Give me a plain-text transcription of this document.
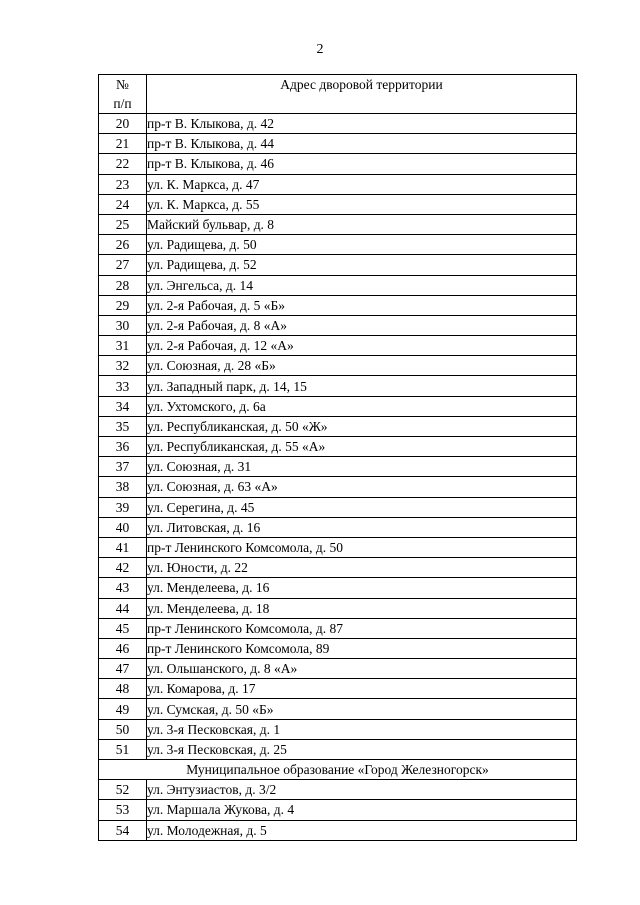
2
№
п/п	Адрес дворовой территории
20	пр-т В. Клыкова, д. 42
21	пр-т В. Клыкова, д. 44
22	пр-т В. Клыкова, д. 46
23	ул. К. Маркса, д. 47
24	ул. К. Маркса, д. 55
25	Майский бульвар, д. 8
26	ул. Радищева, д. 50
27	ул. Радищева, д. 52
28	ул. Энгельса, д. 14
29	ул. 2-я Рабочая, д. 5 «Б»
30	ул. 2-я Рабочая, д. 8 «А»
31	ул. 2-я Рабочая, д. 12 «А»
32	ул. Союзная, д. 28 «Б»
33	ул. Западный парк, д. 14, 15
34	ул. Ухтомского, д. 6а
35	ул. Республиканская, д. 50 «Ж»
36	ул. Республиканская, д. 55 «А»
37	ул. Союзная, д. 31
38	ул. Союзная, д. 63 «А»
39	ул. Серегина, д. 45
40	ул. Литовская, д. 16
41	пр-т Ленинского Комсомола, д. 50
42	ул. Юности, д. 22
43	ул. Менделеева, д. 16
44	ул. Менделеева, д. 18
45	пр-т Ленинского Комсомола, д. 87
46	пр-т Ленинского Комсомола, 89
47	ул. Ольшанского, д. 8 «А»
48	ул. Комарова, д. 17
49	ул. Сумская, д. 50 «Б»
50	ул. 3-я Песковская, д. 1
51	ул. 3-я Песковская, д. 25
Муниципальное образование «Город Железногорск»	
52	ул. Энтузиастов, д. 3/2
53	ул. Маршала Жукова, д. 4
54	ул. Молодежная, д. 5
